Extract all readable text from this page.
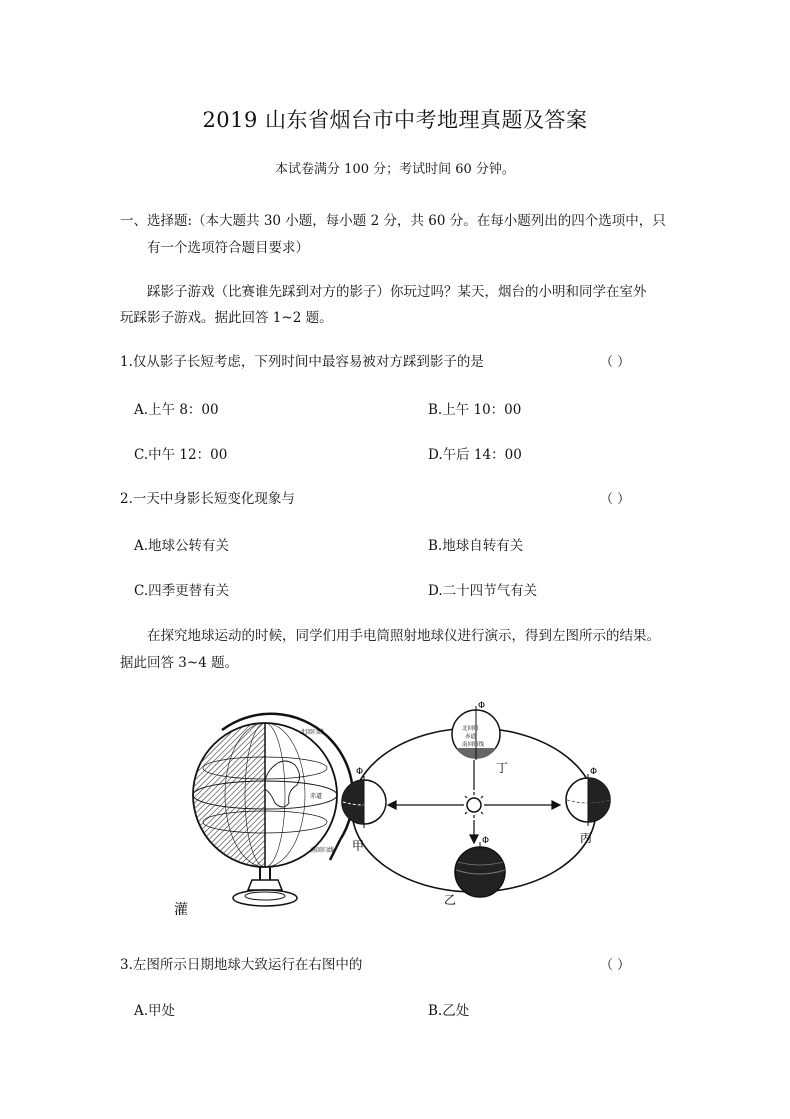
2019 山东省烟台市中考地理真题及答案
本试卷满分 100 分；考试时间 60 分钟。
一、选择题:（本大题共 30 小题，每小题 2 分，共 60 分。在每小题列出的四个选项中，只
有一个选项符合题目要求）
踩影子游戏（比赛谁先踩到对方的影子）你玩过吗？某天，烟台的小明和同学在室外
玩踩影子游戏。据此回答 1~2 题。
1.仅从影子长短考虑，下列时间中最容易被对方踩到影子的是	（ ）
A.上午 8：00	B.上午 10：00
C.中午 12：00	D.午后 14：00
2.一天中身影长短变化现象与	（ ）
A.地球公转有关	B.地球自转有关
C.四季更替有关	D.二十四节气有关
在探究地球运动的时候，同学们用手电筒照射地球仪进行演示，得到左图所示的结果。
据此回答 3~4 题。
北回归线
赤道
南回归线
灌
Φ
甲	Φ
乙
Φ
丙
Φ
北回归
赤道
南回归线
丁
3.左图所示日期地球大致运行在右图中的	（ ）
A.甲处	B.乙处
